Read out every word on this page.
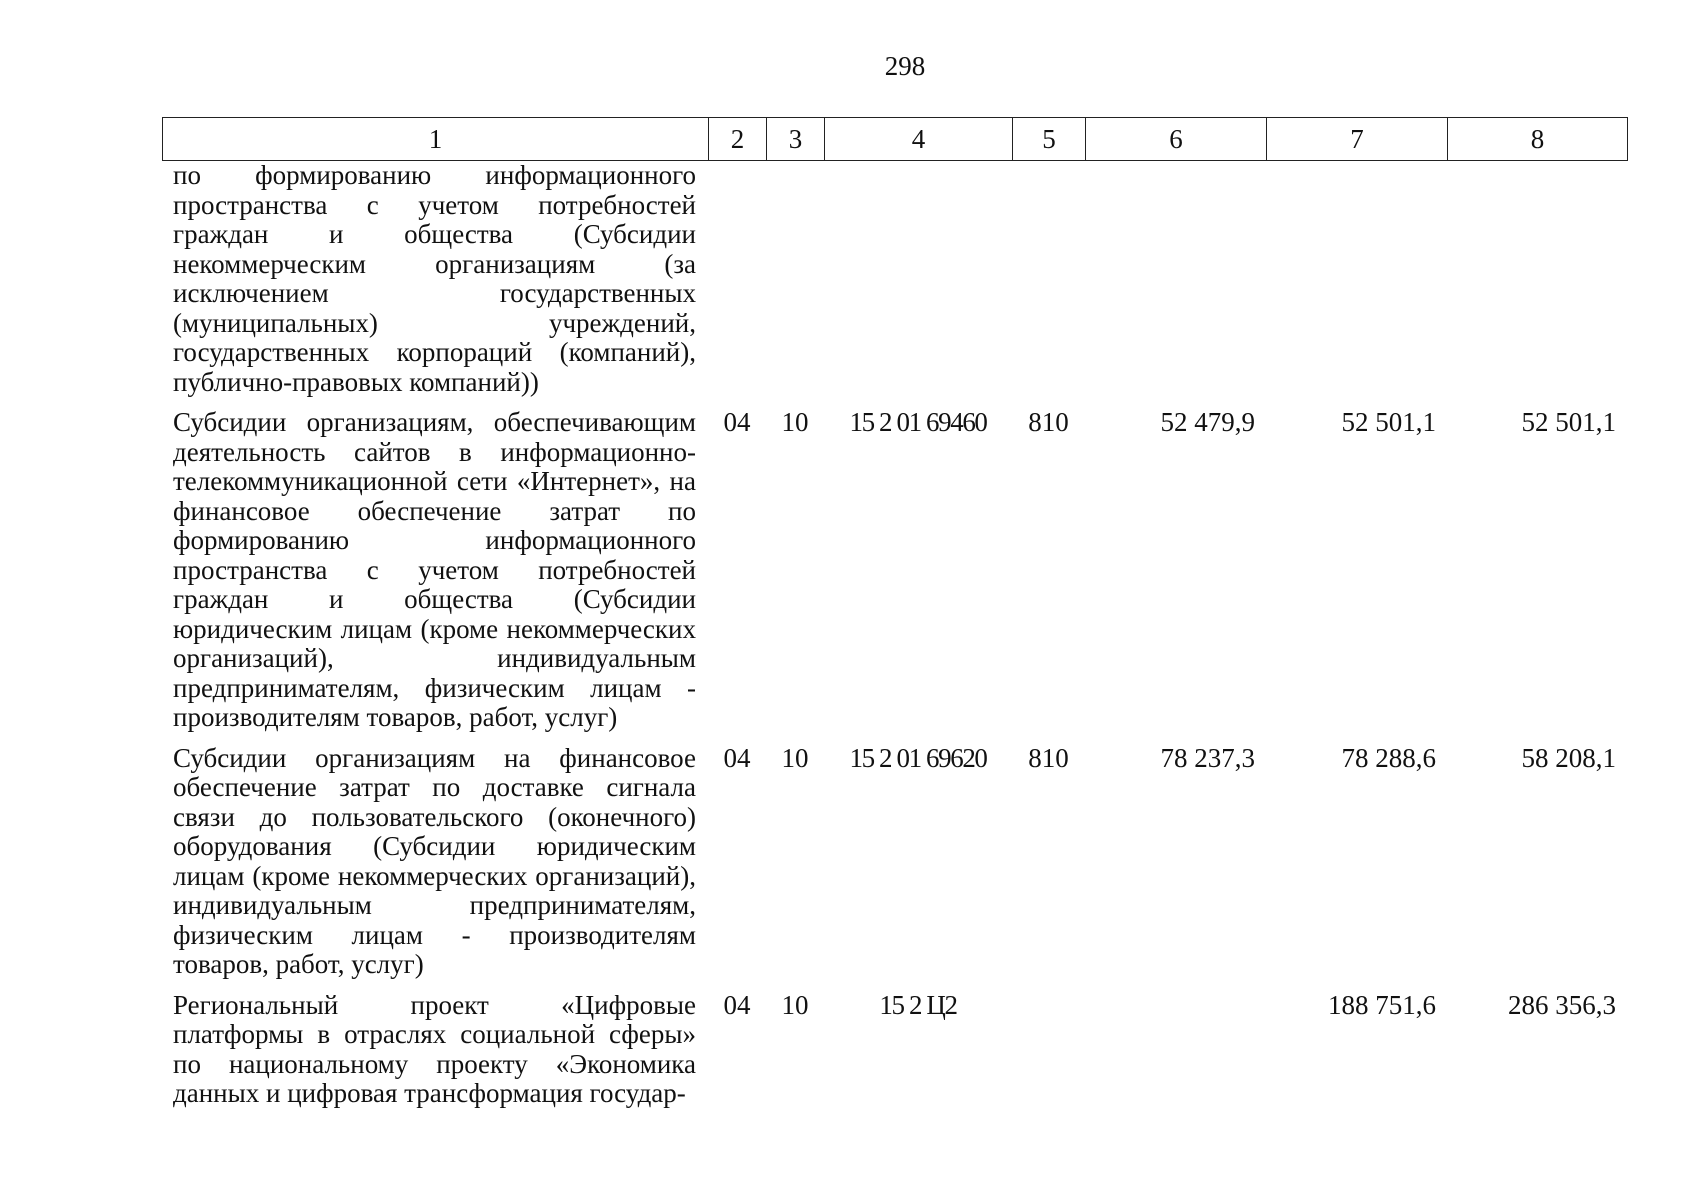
298
1	2	3	4	5	6	7	8
по формированию информационного пространства с учетом потребностей граждан и общества (Субсидии некоммерческим организациям (за исключением государственных (муниципальных) учреждений, государственных корпораций (компаний), публично-правовых компаний))							
Субсидии организациям, обеспечивающим деятельность сайтов в информационно-телекоммуникационной сети «Интернет», на финансовое обеспечение затрат по формированию информационного пространства с учетом потребностей граждан и общества (Субсидии юридическим лицам (кроме некоммерческих организаций), индивидуальным предпринимателям, физическим лицам - производителям товаров, работ, услуг)	04	10	15 2 01 69460	810	52 479,9	52 501,1	52 501,1
Субсидии организациям на финансовое обеспечение затрат по доставке сигнала связи до пользовательского (оконечного) оборудования (Субсидии юридическим лицам (кроме некоммерческих организаций), индивидуальным предпринимателям, физическим лицам - производителям товаров, работ, услуг)	04	10	15 2 01 69620	810	78 237,3	78 288,6	58 208,1
Региональный проект «Цифровые платформы в отраслях социальной сферы» по национальному проекту «Экономика данных и цифровая трансформация государ-	04	10	15 2 Ц2			188 751,6	286 356,3
